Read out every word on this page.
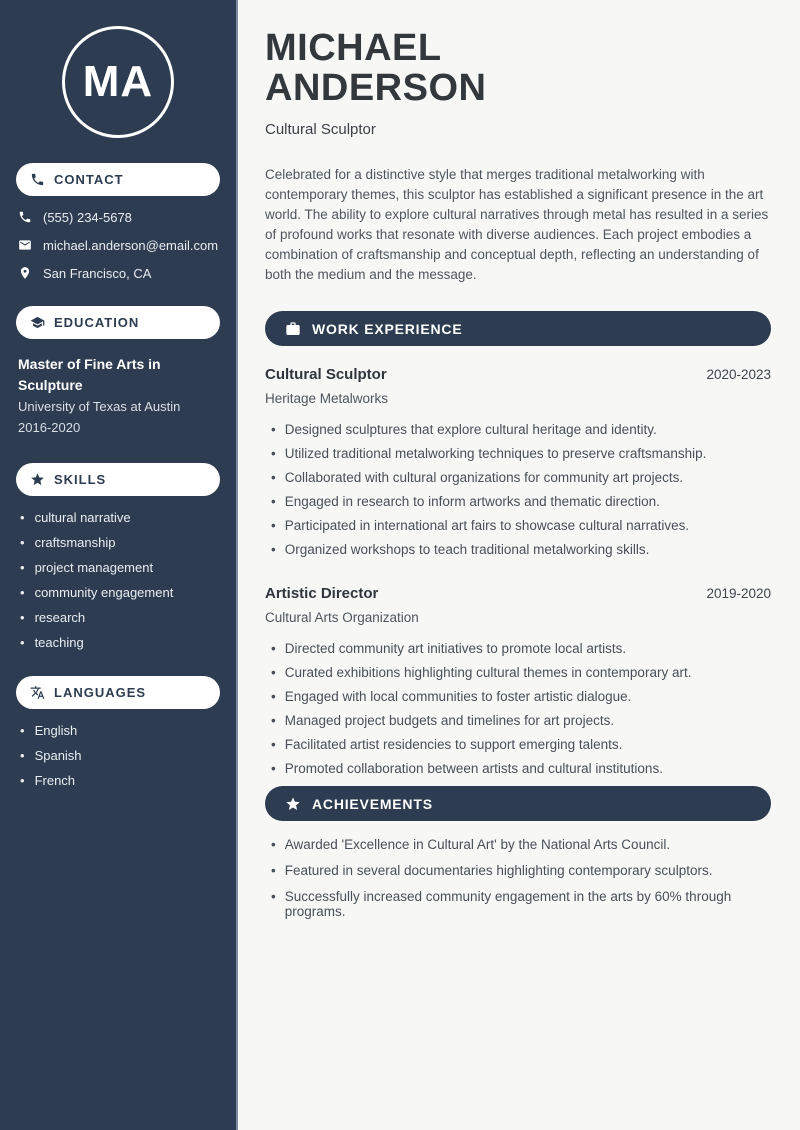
MA
CONTACT
(555) 234-5678
michael.anderson@email.com
San Francisco, CA
EDUCATION
Master of Fine Arts in Sculpture
University of Texas at Austin
2016-2020
SKILLS
• cultural narrative
• craftsmanship
• project management
• community engagement
• research
• teaching
LANGUAGES
• English
• Spanish
• French
MICHAEL
ANDERSON
Cultural Sculptor

Celebrated for a distinctive style that merges traditional metalworking with contemporary themes, this sculptor has established a significant presence in the art world. The ability to explore cultural narratives through metal has resulted in a series of profound works that resonate with diverse audiences. Each project embodies a combination of craftsmanship and conceptual depth, reflecting an understanding of both the medium and the message.

WORK EXPERIENCE
Cultural Sculptor	2020-2023
Heritage Metalworks
• Designed sculptures that explore cultural heritage and identity.
• Utilized traditional metalworking techniques to preserve craftsmanship.
• Collaborated with cultural organizations for community art projects.
• Engaged in research to inform artworks and thematic direction.
• Participated in international art fairs to showcase cultural narratives.
• Organized workshops to teach traditional metalworking skills.
Artistic Director	2019-2020
Cultural Arts Organization
• Directed community art initiatives to promote local artists.
• Curated exhibitions highlighting cultural themes in contemporary art.
• Engaged with local communities to foster artistic dialogue.
• Managed project budgets and timelines for art projects.
• Facilitated artist residencies to support emerging talents.
• Promoted collaboration between artists and cultural institutions.
ACHIEVEMENTS
• Awarded 'Excellence in Cultural Art' by the National Arts Council.
• Featured in several documentaries highlighting contemporary sculptors.
• Successfully increased community engagement in the arts by 60% through programs.
